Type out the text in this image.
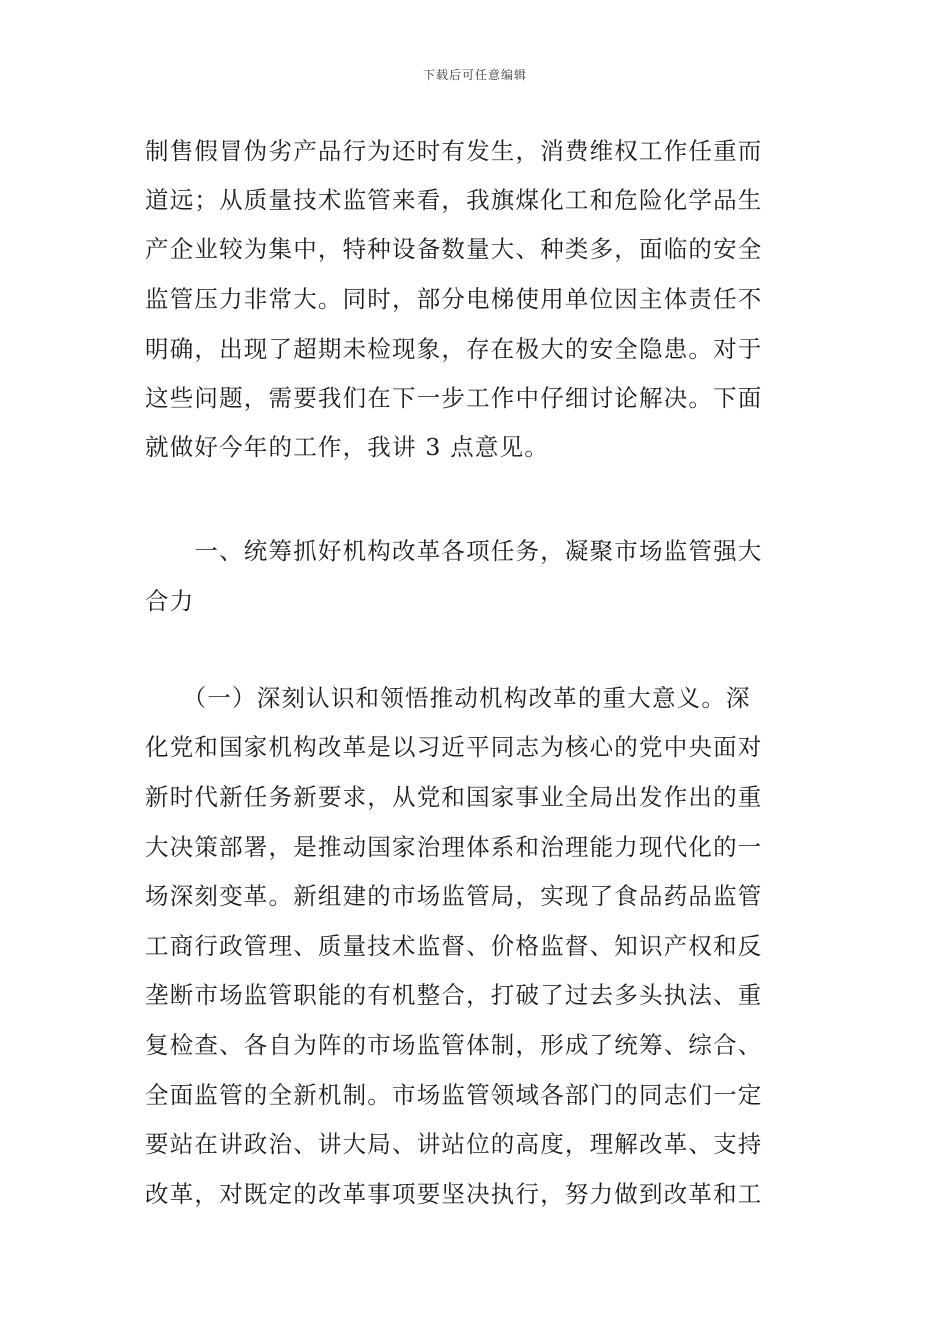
下载后可任意编辑
制售假冒伪劣产品行为还时有发生，消费维权工作任重而
道远；从质量技术监管来看，我旗煤化工和危险化学品生
产企业较为集中，特种设备数量大、种类多，面临的安全
监管压力非常大。同时，部分电梯使用单位因主体责任不
明确，出现了超期未检现象，存在极大的安全隐患。对于
这些问题，需要我们在下一步工作中仔细讨论解决。下面
就做好今年的工作，我讲 3 点意见。
　　一、统筹抓好机构改革各项任务，凝聚市场监管强大
合力
　　（一）深刻认识和领悟推动机构改革的重大意义。深
化党和国家机构改革是以习近平同志为核心的党中央面对
新时代新任务新要求，从党和国家事业全局出发作出的重
大决策部署，是推动国家治理体系和治理能力现代化的一
场深刻变革。新组建的市场监管局，实现了食品药品监管
工商行政管理、质量技术监督、价格监督、知识产权和反
垄断市场监管职能的有机整合，打破了过去多头执法、重
复检查、各自为阵的市场监管体制，形成了统筹、综合、
全面监管的全新机制。市场监管领域各部门的同志们一定
要站在讲政治、讲大局、讲站位的高度，理解改革、支持
改革，对既定的改革事项要坚决执行，努力做到改革和工
